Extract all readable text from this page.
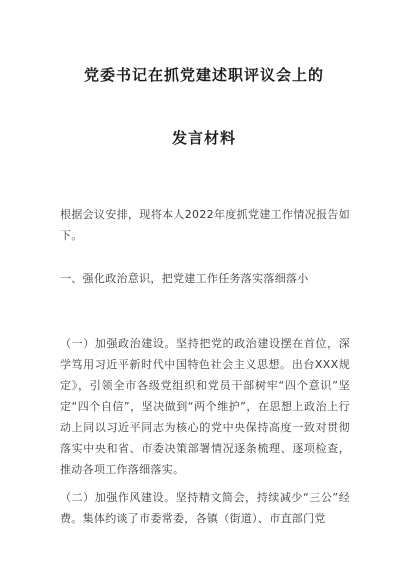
党委书记在抓党建述职评议会上的
发言材料
根据会议安排，现将本人2022年度抓党建工作情况报告如下。
一、强化政治意识，把党建工作任务落实落细落小
（一）加强政治建设。坚持把党的政治建设摆在首位，深学笃用习近平新时代中国特色社会主义思想。出台XXX规定》，引领全市各级党组织和党员干部树牢“四个意识”坚定“四个自信”，坚决做到“两个维护”，在思想上政治上行动上同以习近平同志为核心的党中央保持高度一致对贯彻落实中央和省、市委决策部署情况逐条梳理、逐项检查，推动各项工作落细落实。
（二）加强作风建设。坚持精文简会，持续减少“三公”经费。集体约谈了市委常委，各镇（街道）、市直部门党
